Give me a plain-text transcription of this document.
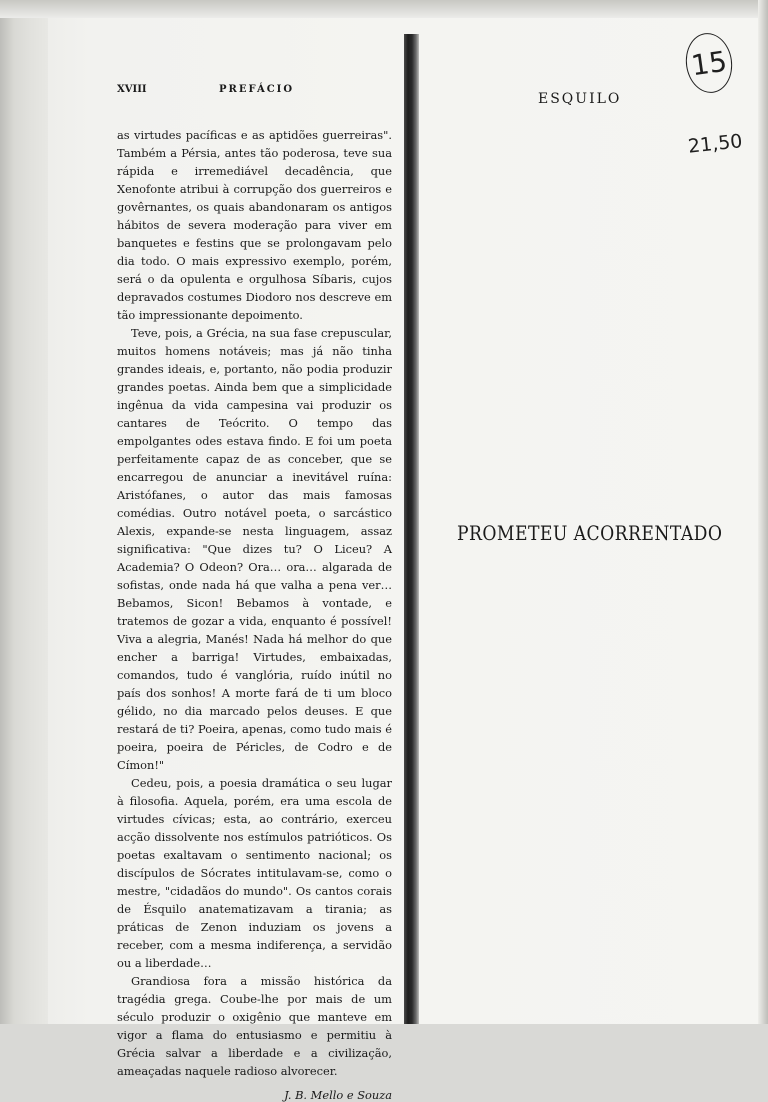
XVIII	PREFÁCIO

as virtudes pacíficas e as aptidões guerreiras". Também a Pérsia, antes tão poderosa, teve sua rápida e irremediável decadência, que Xenofonte atribui à corrupção dos guerreiros e govêrnantes, os quais abandonaram os antigos hábitos de severa moderação para viver em banquetes e festins que se prolongavam pelo dia todo. O mais expressivo exemplo, porém, será o da opulenta e orgulhosa Síbaris, cujos depravados costumes Diodoro nos descreve em tão impressionante depoimento.

Teve, pois, a Grécia, na sua fase crepuscular, muitos homens notáveis; mas já não tinha grandes ideais, e, portanto, não podia produzir grandes poetas. Ainda bem que a simplicidade ingênua da vida campesina vai produzir os cantares de Teócrito. O tempo das empolgantes odes estava findo. E foi um poeta perfeitamente capaz de as conceber, que se encarregou de anunciar a inevitável ruína: Aristófanes, o autor das mais famosas comédias. Outro notável poeta, o sarcástico Alexis, expande-se nesta linguagem, assaz significativa: "Que dizes tu? O Liceu? A Academia? O Odeon? Ora… ora… algarada de sofistas, onde nada há que valha a pena ver… Bebamos, Sicon! Bebamos à vontade, e tratemos de gozar a vida, enquanto é possível! Viva a alegria, Manés! Nada há melhor do que encher a barriga! Virtudes, embaixadas, comandos, tudo é vanglória, ruído inútil no país dos sonhos! A morte fará de ti um bloco gélido, no dia marcado pelos deuses. E que restará de ti? Poeira, apenas, como tudo mais é poeira, poeira de Péricles, de Codro e de Címon!"

Cedeu, pois, a poesia dramática o seu lugar à filosofia. Aquela, porém, era uma escola de virtudes cívicas; esta, ao contrário, exerceu acção dissolvente nos estímulos patrióticos. Os poetas exaltavam o sentimento nacional; os discípulos de Sócrates intitulavam-se, como o mestre, "cidadãos do mundo". Os cantos corais de Ésquilo anatematizavam a tirania; as práticas de Zenon induziam os jovens a receber, com a mesma indiferença, a servidão ou a liberdade…

Grandiosa fora a missão histórica da tragédia grega. Coube-lhe por mais de um século produzir o oxigênio que manteve em vigor a flama do entusiasmo e permitiu à Grécia salvar a liberdade e a civilização, ameaçadas naquele radioso alvorecer.

J. B. Mello e Souza
ESQUILO
PROMETEU ACORRENTADO
15
21,50
